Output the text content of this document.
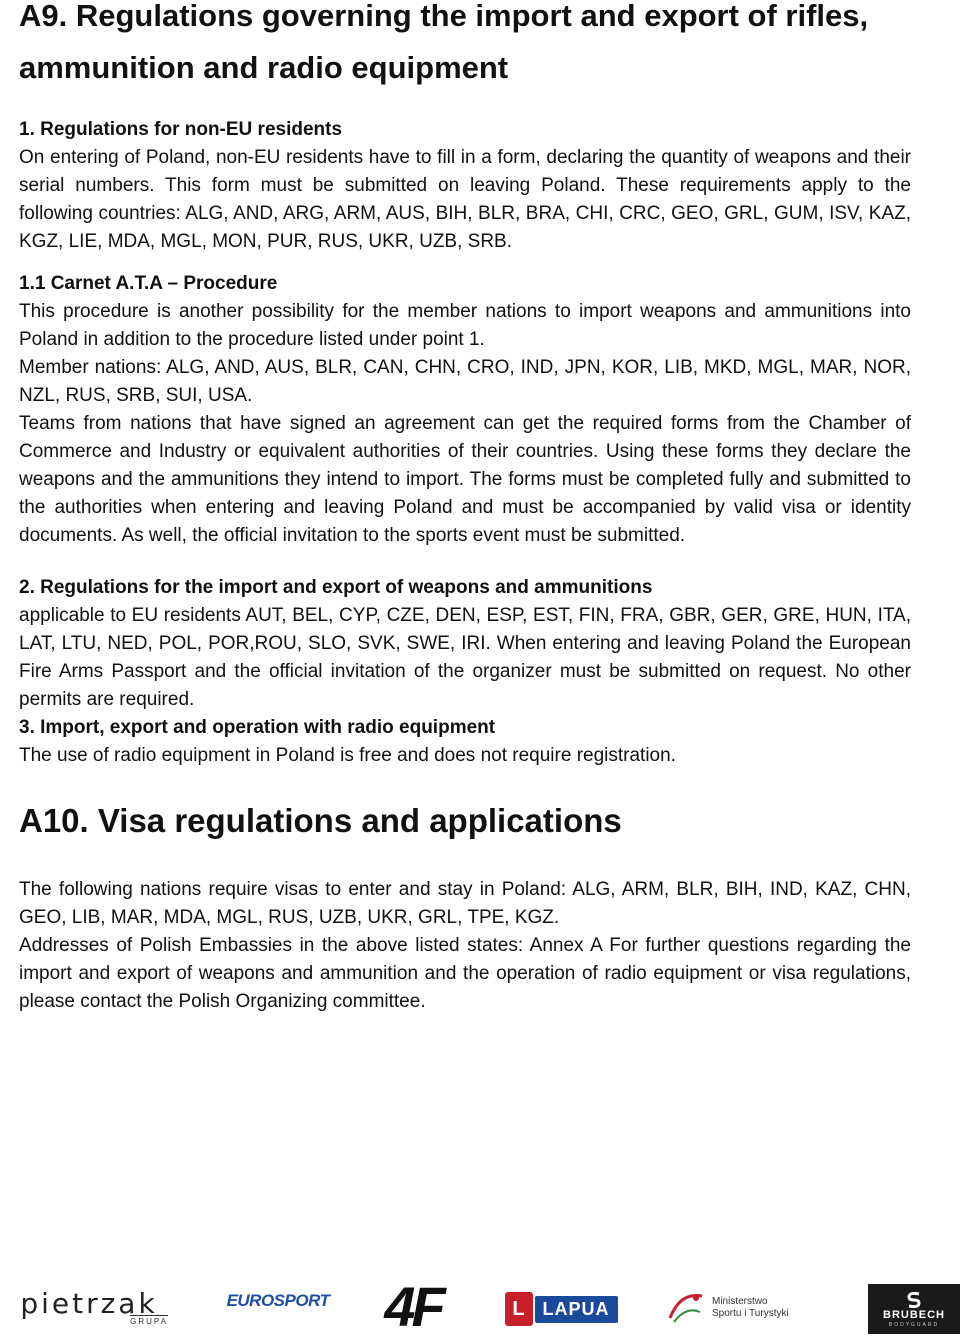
A9. Regulations governing the import and export of rifles,
ammunition and radio equipment

1. Regulations for non-EU residents

On entering of Poland, non-EU residents have to fill in a form, declaring the quantity of weapons and their serial numbers. This form must be submitted on leaving Poland. These requirements apply to the following countries: ALG, AND, ARG, ARM, AUS, BIH, BLR, BRA, CHI, CRC, GEO, GRL, GUM, ISV, KAZ, KGZ, LIE, MDA, MGL, MON, PUR, RUS, UKR, UZB, SRB.

1.1 Carnet A.T.A – Procedure

This procedure is another possibility for the member nations to import weapons and ammunitions into Poland in addition to the procedure listed under point 1.

Member nations: ALG, AND, AUS, BLR, CAN, CHN, CRO, IND, JPN, KOR, LIB, MKD, MGL, MAR, NOR, NZL, RUS, SRB, SUI, USA.

Teams from nations that have signed an agreement can get the required forms from the Chamber of Commerce and Industry or equivalent authorities of their countries. Using these forms they declare the weapons and the ammunitions they intend to import. The forms must be completed fully and submitted to the authorities when entering and leaving Poland and must be accompanied by valid visa or identity documents. As well, the official invitation to the sports event must be submitted.

2. Regulations for the import and export of weapons and ammunitions

applicable to EU residents AUT, BEL, CYP, CZE, DEN, ESP, EST, FIN, FRA, GBR, GER, GRE, HUN, ITA, LAT, LTU, NED, POL, POR,ROU, SLO, SVK, SWE, IRI. When entering and leaving Poland the European Fire Arms Passport and the official invitation of the organizer must be submitted on request. No other permits are required.

3. Import, export and operation with radio equipment

The use of radio equipment in Poland is free and does not require registration.

A10. Visa regulations and applications

The following nations require visas to enter and stay in Poland: ALG, ARM, BLR, BIH, IND, KAZ, CHN, GEO, LIB, MAR, MDA, MGL, RUS, UZB, UKR, GRL, TPE, KGZ.

Addresses of Polish Embassies in the above listed states: Annex A For further questions regarding the import and export of weapons and ammunition and the operation of radio equipment or visa regulations, please contact the Polish Organizing committee.

pietrzak
GRUPA
EUROSPORT 4F	L LAPUA	Ministerstwo
Sportu i Turystyki	BRUBECH
BODYGUARD
